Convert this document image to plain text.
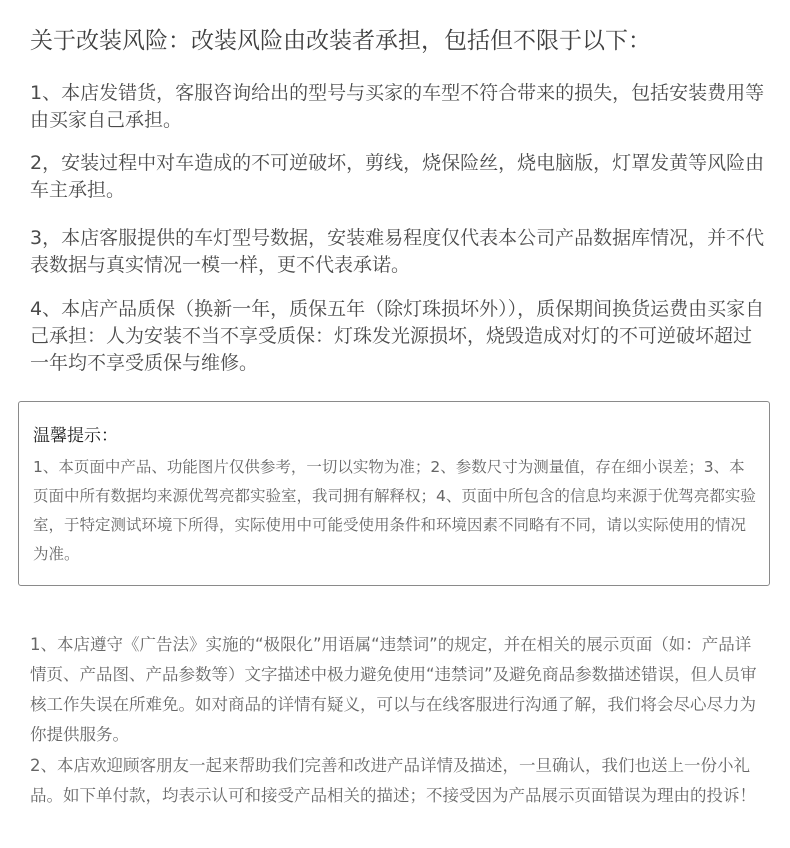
关于改装风险：改装风险由改装者承担，包括但不限于以下：

1、本店发错货，客服咨询给出的型号与买家的车型不符合带来的损失，包括安装费用等由买家自己承担。

2，安装过程中对车造成的不可逆破坏，剪线，烧保险丝，烧电脑版，灯罩发黄等风险由车主承担。

3，本店客服提供的车灯型号数据，安装难易程度仅代表本公司产品数据库情况，并不代表数据与真实情况一模一样，更不代表承诺。

4、本店产品质保（换新一年，质保五年（除灯珠损坏外）），质保期间换货运费由买家自己承担：人为安装不当不享受质保：灯珠发光源损坏，烧毁造成对灯的不可逆破坏超过一年均不享受质保与维修。

温馨提示：

1、本页面中产品、功能图片仅供参考，一切以实物为准；2、参数尺寸为测量值，存在细小误差；3、本页面中所有数据均来源优驾亮都实验室，我司拥有解释权；4、页面中所包含的信息均来源于优驾亮都实验室，于特定测试环境下所得，实际使用中可能受使用条件和环境因素不同略有不同，请以实际使用的情况为准。

1、本店遵守《广告法》实施的“极限化”用语属“违禁词”的规定，并在相关的展示页面（如：产品详情页、产品图、产品参数等）文字描述中极力避免使用“违禁词”及避免商品参数描述错误，但人员审核工作失误在所难免。如对商品的详情有疑义，可以与在线客服进行沟通了解，我们将会尽心尽力为你提供服务。

2、本店欢迎顾客朋友一起来帮助我们完善和改进产品详情及描述，一旦确认，我们也送上一份小礼品。如下单付款，均表示认可和接受产品相关的描述；不接受因为产品展示页面错误为理由的投诉！
